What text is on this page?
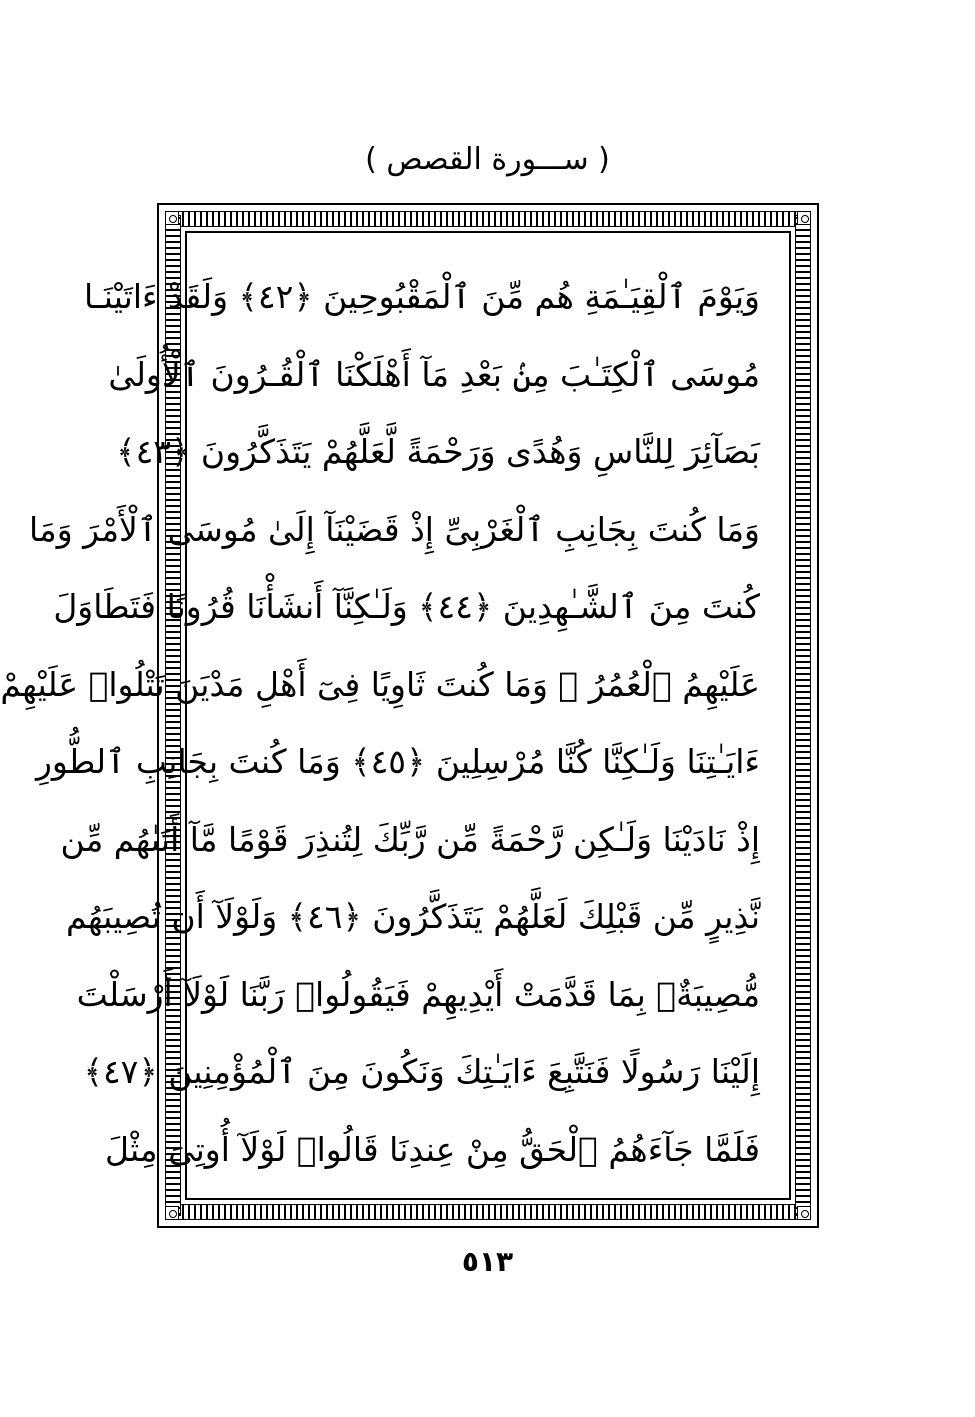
( ســـورة القصص )
وَيَوْمَ ٱلْقِيَـٰمَةِ هُم مِّنَ ٱلْمَقْبُوحِينَ ﴿٤٢﴾ وَلَقَدْ ءَاتَيْنَـا
مُوسَى ٱلْكِتَـٰبَ مِنۢ بَعْدِ مَآ أَهْلَكْنَا ٱلْقُـرُونَ ٱلْأُولَىٰ
بَصَآئِرَ لِلنَّاسِ وَهُدًى وَرَحْمَةً لَّعَلَّهُمْ يَتَذَكَّرُونَ ﴿٤٣﴾
وَمَا كُنتَ بِجَانِبِ ٱلْغَرْبِىِّ إِذْ قَضَيْنَآ إِلَىٰ مُوسَى ٱلْأَمْرَ وَمَا
كُنتَ مِنَ ٱلشَّـٰهِدِينَ ﴿٤٤﴾ وَلَـٰكِنَّآ أَنشَأْنَا قُرُونًا فَتَطَاوَلَ
عَلَيْهِمُ ٱلْعُمُرُ ۚ وَمَا كُنتَ ثَاوِيًا فِىٓ أَهْلِ مَدْيَنَ تَتْلُوا۟ عَلَيْهِمْ
ءَايَـٰتِنَا وَلَـٰكِنَّا كُنَّا مُرْسِلِينَ ﴿٤٥﴾ وَمَا كُنتَ بِجَانِبِ ٱلطُّورِ
إِذْ نَادَيْنَا وَلَـٰكِن رَّحْمَةً مِّن رَّبِّكَ لِتُنذِرَ قَوْمًا مَّآ أَتَىٰهُم مِّن
نَّذِيرٍ مِّن قَبْلِكَ لَعَلَّهُمْ يَتَذَكَّرُونَ ﴿٤٦﴾ وَلَوْلَآ أَن تُصِيبَهُم
مُّصِيبَةٌۢ بِمَا قَدَّمَتْ أَيْدِيهِمْ فَيَقُولُوا۟ رَبَّنَا لَوْلَآ أَرْسَلْتَ
إِلَيْنَا رَسُولًا فَنَتَّبِعَ ءَايَـٰتِكَ وَنَكُونَ مِنَ ٱلْمُؤْمِنِينَ ﴿٤٧﴾
فَلَمَّا جَآءَهُمُ ٱلْحَقُّ مِنْ عِندِنَا قَالُوا۟ لَوْلَآ أُوتِىَ مِثْلَ
٥١٣
